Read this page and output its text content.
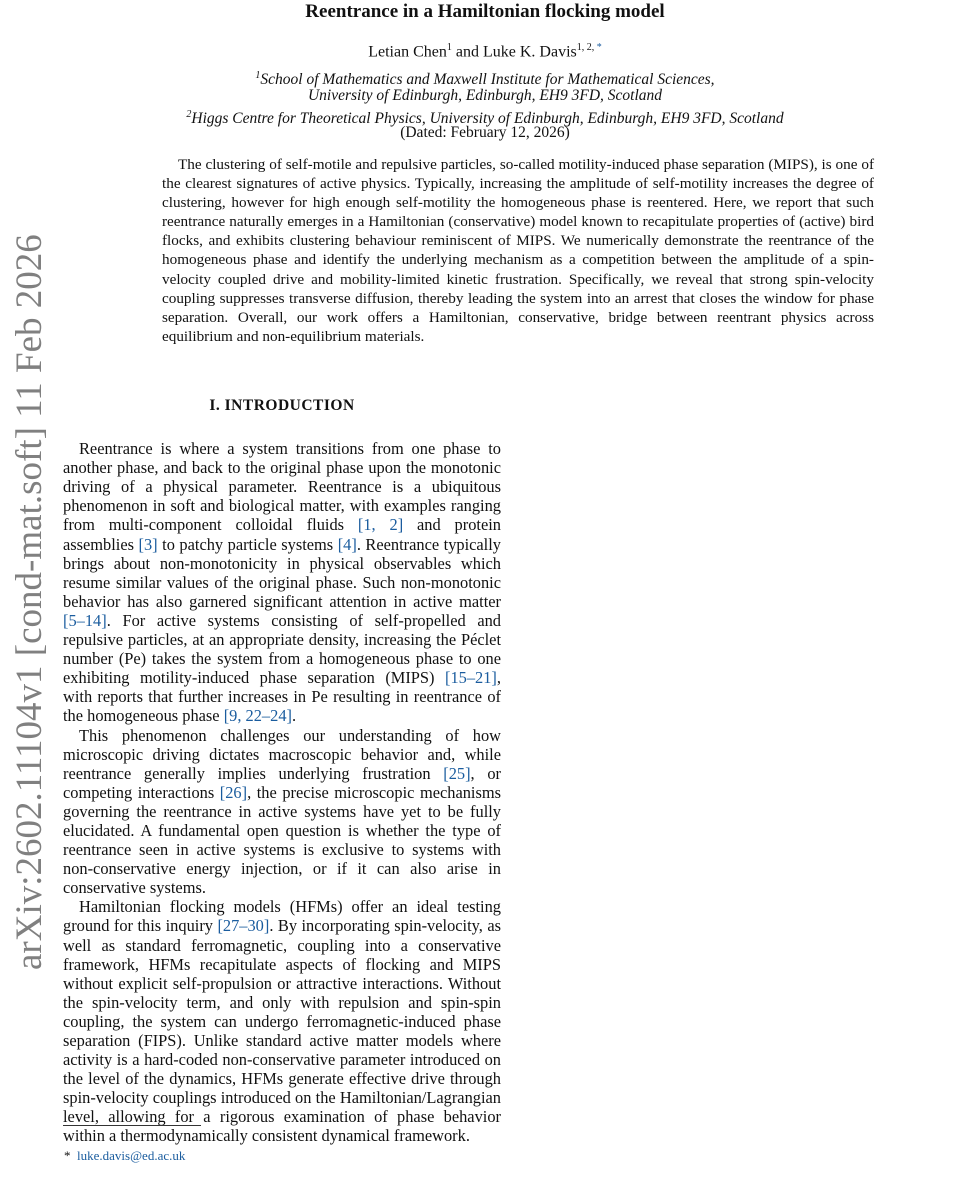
arXiv:2602.11104v1 [cond-mat.soft] 11 Feb 2026
Reentrance in a Hamiltonian flocking model
Letian Chen$^1$ and Luke K. Davis$^{1, 2, *}$
$^1$School of Mathematics and Maxwell Institute for Mathematical Sciences,
University of Edinburgh, Edinburgh, EH9 3FD, Scotland
$^2$Higgs Centre for Theoretical Physics, University of Edinburgh, Edinburgh, EH9 3FD, Scotland
(Dated: February 12, 2026)
The clustering of self-motile and repulsive particles, so-called motility-induced phase separation (MIPS), is one of the clearest signatures of active physics. Typically, increasing the amplitude of self-motility increases the degree of clustering, however for high enough self-motility the homogeneous phase is reentered. Here, we report that such reentrance naturally emerges in a Hamiltonian (conservative) model known to recapitulate properties of (active) bird flocks, and exhibits clustering behaviour reminiscent of MIPS. We numerically demonstrate the reentrance of the homogeneous phase and identify the underlying mechanism as a competition between the amplitude of a spin-velocity coupled drive and mobility-limited kinetic frustration. Specifically, we reveal that strong spin-velocity coupling suppresses transverse diffusion, thereby leading the system into an arrest that closes the window for phase separation. Overall, our work offers a Hamiltonian, conservative, bridge between reentrant physics across equilibrium and non-equilibrium materials.
I. INTRODUCTION

Reentrance is where a system transitions from one phase to another phase, and back to the original phase upon the monotonic driving of a physical parameter. Reentrance is a ubiquitous phenomenon in soft and biological matter, with examples ranging from multi-component colloidal fluids [1, 2] and protein assemblies [3] to patchy particle systems [4]. Reentrance typically brings about non-monotonicity in physical observables which resume similar values of the original phase. Such non-monotonic behavior has also garnered significant attention in active matter [5–14]. For active systems consisting of self-propelled and repulsive particles, at an appropriate density, increasing the Péclet number (Pe) takes the system from a homogeneous phase to one exhibiting motility-induced phase separation (MIPS) [15–21], with reports that further increases in Pe resulting in reentrance of the homogeneous phase [9, 22–24].

This phenomenon challenges our understanding of how microscopic driving dictates macroscopic behavior and, while reentrance generally implies underlying frustration [25], or competing interactions [26], the precise microscopic mechanisms governing the reentrance in active systems have yet to be fully elucidated. A fundamental open question is whether the type of reentrance seen in active systems is exclusive to systems with non-conservative energy injection, or if it can also arise in conservative systems.

Hamiltonian flocking models (HFMs) offer an ideal testing ground for this inquiry [27–30]. By incorporating spin-velocity, as well as standard ferromagnetic, coupling into a conservative framework, HFMs recapitulate aspects of flocking and MIPS without explicit self-propulsion or attractive interactions. Without the spin-velocity term, and only with repulsion and spin-spin coupling, the system can undergo ferromagnetic-induced phase separation (FIPS). Unlike standard active matter models where activity is a hard-coded non-conservative parameter introduced on the level of the dynamics, HFMs generate effective drive through spin-velocity couplings introduced on the Hamiltonian/Lagrangian level, allowing for a rigorous examination of phase behavior within a thermodynamically consistent dynamical framework.

* luke.davis@ed.ac.uk
